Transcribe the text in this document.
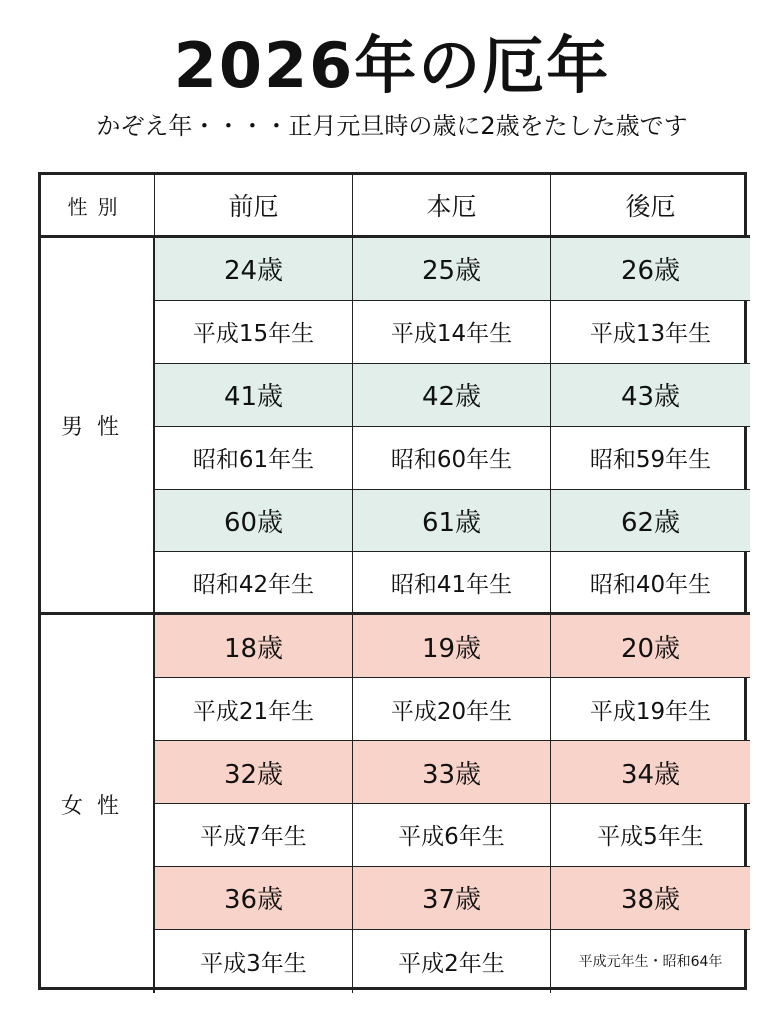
2026年の厄年
かぞえ年・・・・正月元旦時の歳に2歳をたした歳です
性別	前厄	本厄	後厄
男性
24歳	25歳	26歳
平成15年生	平成14年生	平成13年生
41歳	42歳	43歳
昭和61年生	昭和60年生	昭和59年生
60歳	61歳	62歳
昭和42年生	昭和41年生	昭和40年生
女性
18歳	19歳	20歳
平成21年生	平成20年生	平成19年生
32歳	33歳	34歳
平成7年生	平成6年生	平成5年生
36歳	37歳	38歳
平成3年生	平成2年生	平成元年生・昭和64年
